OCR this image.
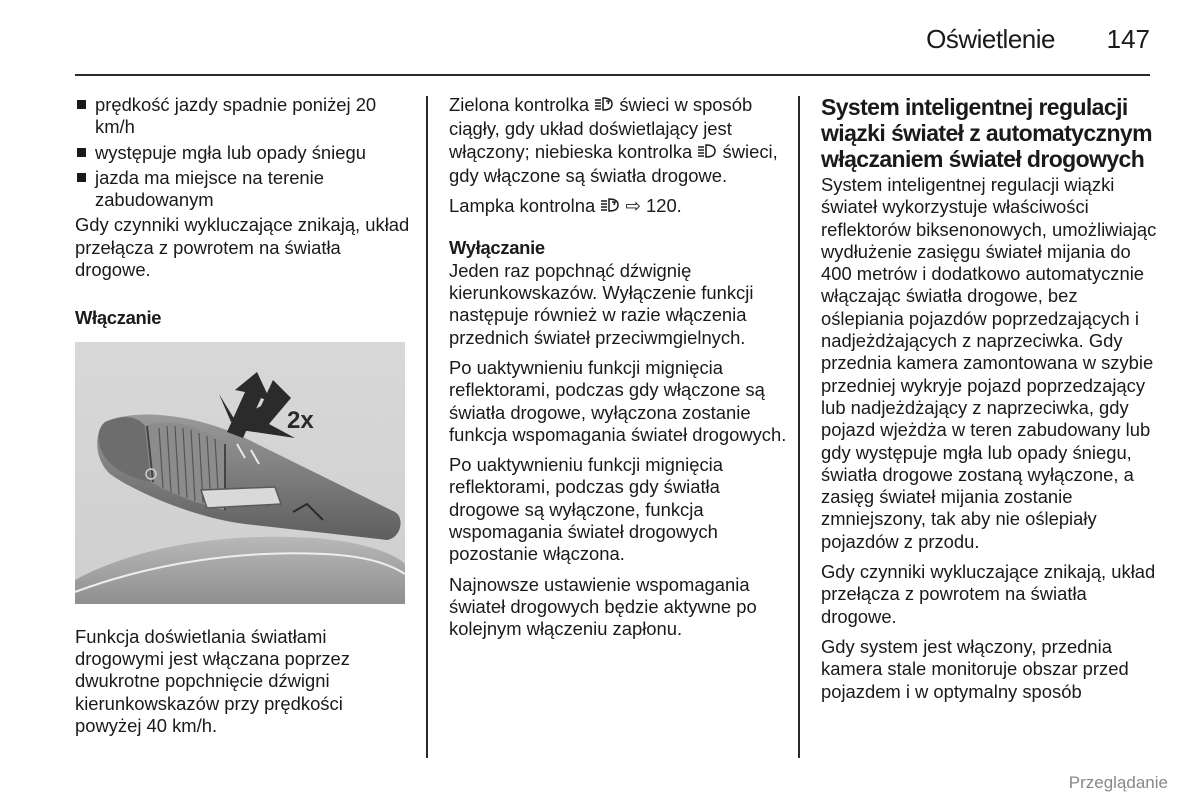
Oświetlenie 147
prędkość jazdy spadnie poniżej 20 km/h
występuje mgła lub opady śniegu
jazda ma miejsce na terenie zabudowanym

Gdy czynniki wykluczające znikają, układ przełącza z powrotem na światła drogowe.

Włączanie

2x

Funkcja doświetlania światłami drogowymi jest włączana poprzez dwukrotne popchnięcie dźwigni kierunkowskazów przy prędkości powyżej 40 km/h.

Zielona kontrolka świeci w sposób ciągły, gdy układ doświetlający jest włączony; niebieska kontrolka świeci, gdy włączone są światła drogowe.

Lampka kontrolna ⇨ 120.

Wyłączanie

Jeden raz popchnąć dźwignię kierunkowskazów. Wyłączenie funkcji następuje również w razie włączenia przednich świateł przeciwmgielnych.

Po uaktywnieniu funkcji mignięcia reflektorami, podczas gdy włączone są światła drogowe, wyłączona zostanie funkcja wspomagania świateł drogowych.

Po uaktywnieniu funkcji mignięcia reflektorami, podczas gdy światła drogowe są wyłączone, funkcja wspomagania świateł drogowych pozostanie włączona.

Najnowsze ustawienie wspomagania świateł drogowych będzie aktywne po kolejnym włączeniu zapłonu.

System inteligentnej regulacji wiązki świateł z automatycznym włączaniem świateł drogowych

System inteligentnej regulacji wiązki świateł wykorzystuje właściwości reflektorów biksenonowych, umożliwiając wydłużenie zasięgu świateł mijania do 400 metrów i dodatkowo automatycznie włączając światła drogowe, bez oślepiania pojazdów poprzedzających i nadjeżdżających z naprzeciwka. Gdy przednia kamera zamontowana w szybie przedniej wykryje pojazd poprzedzający lub nadjeżdżający z naprzeciwka, gdy pojazd wjeżdża w teren zabudowany lub gdy występuje mgła lub opady śniegu, światła drogowe zostaną wyłączone, a zasięg świateł mijania zostanie zmniejszony, tak aby nie oślepiały pojazdów z przodu.

Gdy czynniki wykluczające znikają, układ przełącza z powrotem na światła drogowe.

Gdy system jest włączony, przednia kamera stale monitoruje obszar przed pojazdem i w optymalny sposób

Przeglądanie
